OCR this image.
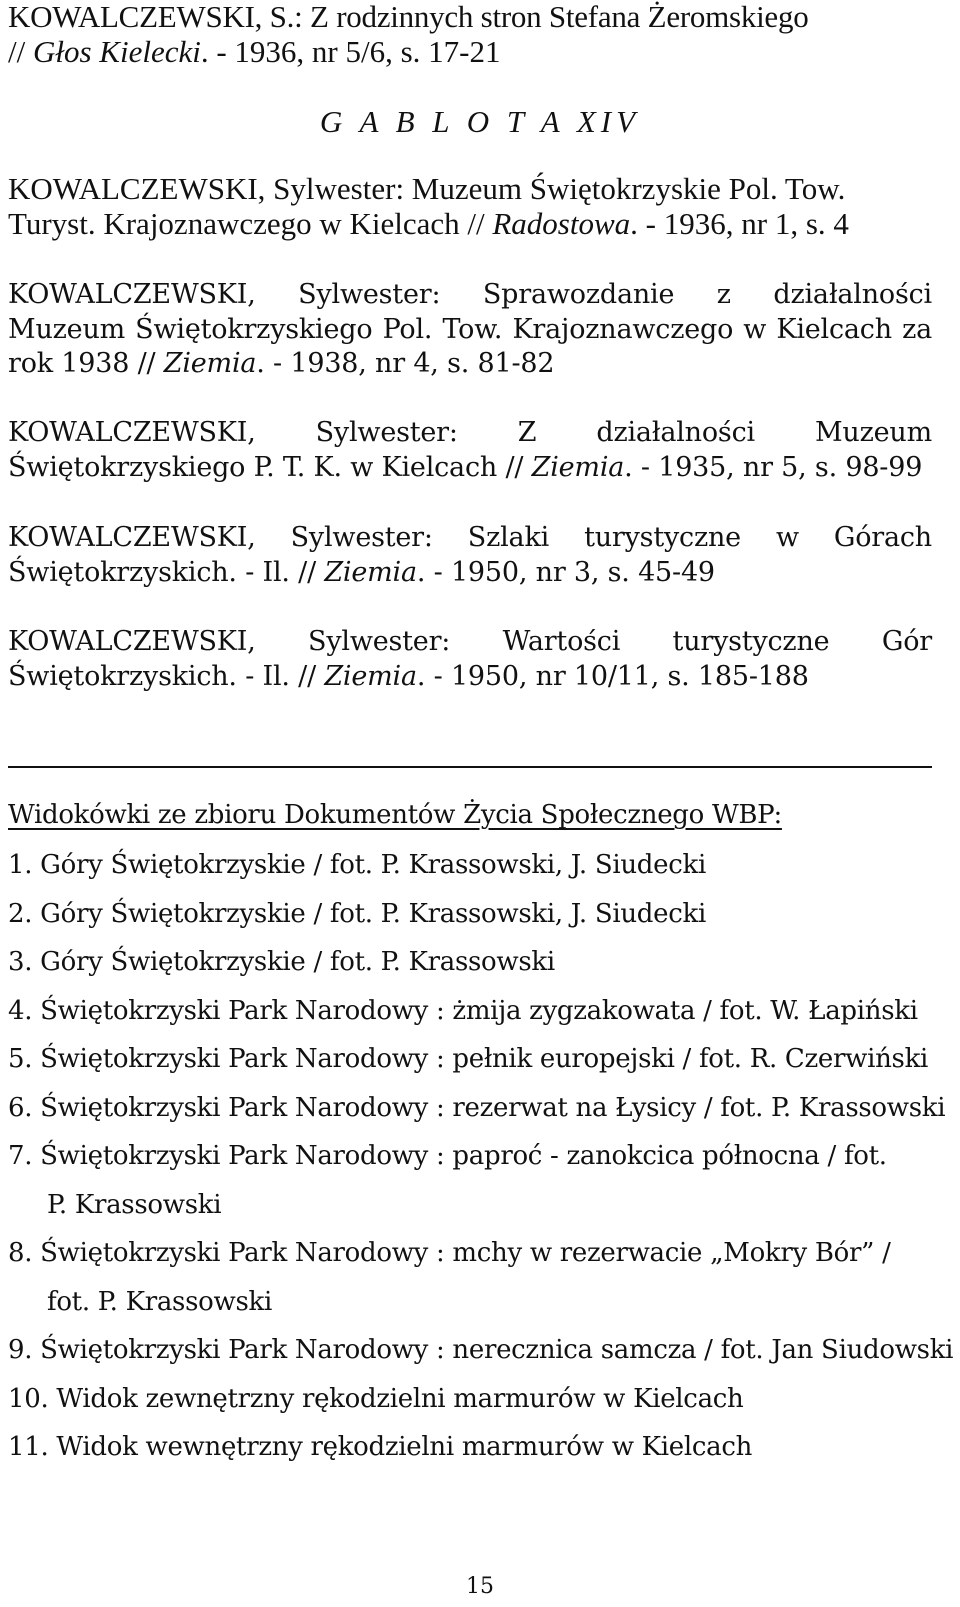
KOWALCZEWSKI, S.: Z rodzinnych stron Stefana Żeromskiego
// Głos Kielecki. - 1936, nr 5/6, s. 17-21
G A B L O T A XIV
KOWALCZEWSKI, Sylwester: Muzeum Świętokrzyskie Pol. Tow.
Turyst. Krajoznawczego w Kielcach // Radostowa. - 1936, nr 1, s. 4
KOWALCZEWSKI, Sylwester: Sprawozdanie z działalności
Muzeum Świętokrzyskiego Pol. Tow. Krajoznawczego w Kielcach za
rok 1938 // Ziemia. - 1938, nr 4, s. 81-82
KOWALCZEWSKI, Sylwester: Z działalności Muzeum
Świętokrzyskiego P. T. K. w Kielcach // Ziemia. - 1935, nr 5, s. 98-99
KOWALCZEWSKI, Sylwester: Szlaki turystyczne w Górach
Świętokrzyskich. - Il. // Ziemia. - 1950, nr 3, s. 45-49
KOWALCZEWSKI, Sylwester: Wartości turystyczne Gór
Świętokrzyskich. - Il. // Ziemia. - 1950, nr 10/11, s. 185-188
Widokówki ze zbioru Dokumentów Życia Społecznego WBP:
1. Góry Świętokrzyskie / fot. P. Krassowski, J. Siudecki
2. Góry Świętokrzyskie / fot. P. Krassowski, J. Siudecki
3. Góry Świętokrzyskie / fot. P. Krassowski
4. Świętokrzyski Park Narodowy : żmija zygzakowata / fot. W. Łapiński
5. Świętokrzyski Park Narodowy : pełnik europejski / fot. R. Czerwiński
6. Świętokrzyski Park Narodowy : rezerwat na Łysicy / fot. P. Krassowski
7. Świętokrzyski Park Narodowy : paproć - zanokcica północna / fot.
P. Krassowski
8. Świętokrzyski Park Narodowy : mchy w rezerwacie „Mokry Bór” /
fot. P. Krassowski
9. Świętokrzyski Park Narodowy : nerecznica samcza / fot. Jan Siudowski
10. Widok zewnętrzny rękodzielni marmurów w Kielcach
11. Widok wewnętrzny rękodzielni marmurów w Kielcach
15
